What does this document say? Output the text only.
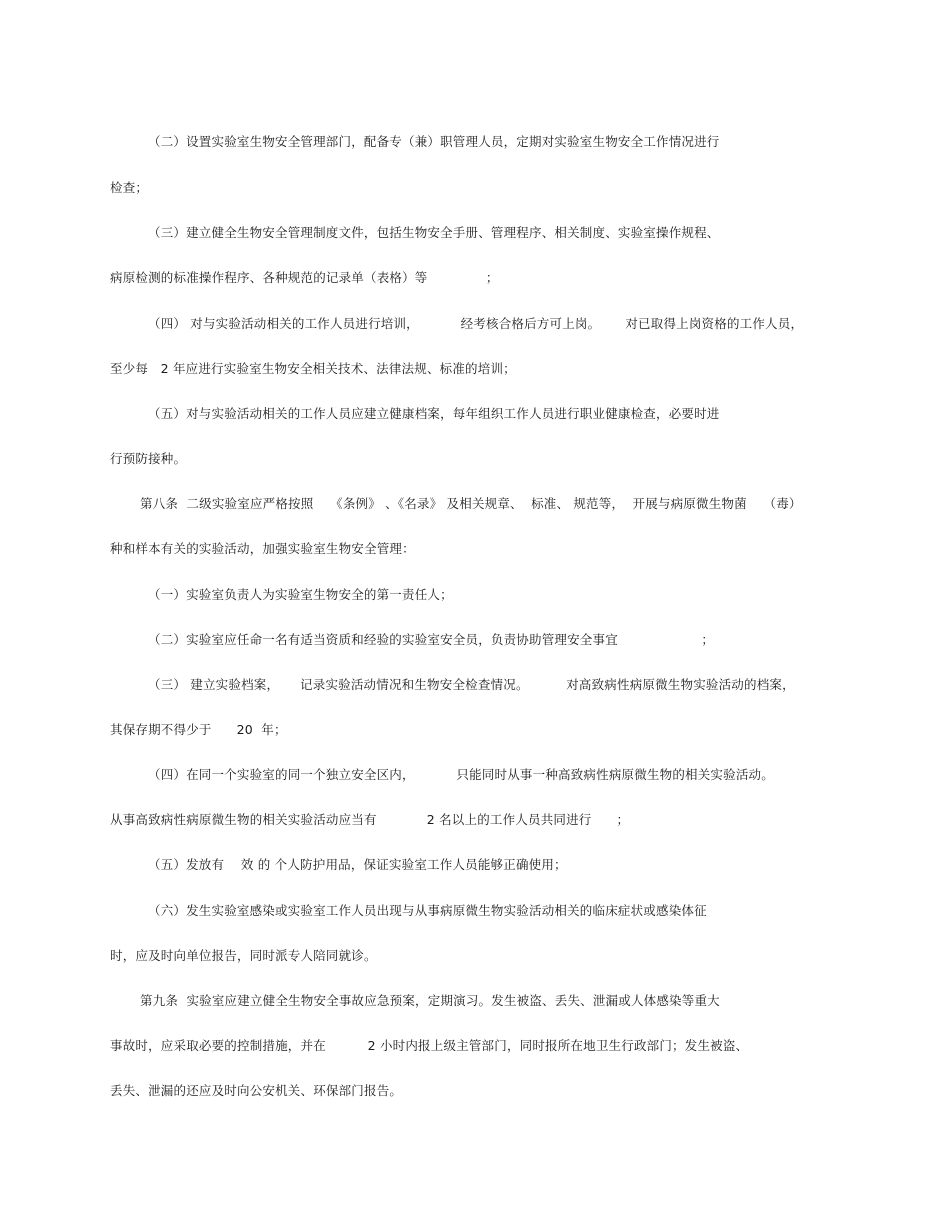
（二）设置实验室生物安全管理部门，配备专（兼）职管理人员，定期对实验室生物安全工作情况进行
检查；
（三）建立健全生物安全管理制度文件，包括生物安全手册、管理程序、相关制度、实验室操作规程、
病原检测的标准操作程序、各种规范的记录单（表格）等              ；
（四） 对与实验活动相关的工作人员进行培训，          经考核合格后方可上岗。      对已取得上岗资格的工作人员，
至少每   2 年应进行实验室生物安全相关技术、法律法规、标准的培训；
（五）对与实验活动相关的工作人员应建立健康档案，每年组织工作人员进行职业健康检查，必要时进
行预防接种。
第八条  二级实验室应严格按照    《条例》 、《名录》 及相关规章、  标准、 规范等，  开展与病原微生物菌    （毒）
种和样本有关的实验活动，加强实验室生物安全管理：
（一）实验室负责人为实验室生物安全的第一责任人；
（二）实验室应任命一名有适当资质和经验的实验室安全员，负责协助管理安全事宜                    ；
（三） 建立实验档案，     记录实验活动情况和生物安全检查情况。         对高致病性病原微生物实验活动的档案，
其保存期不得少于      20  年；
（四）在同一个实验室的同一个独立安全区内，          只能同时从事一种高致病性病原微生物的相关实验活动。
从事高致病性病原微生物的相关实验活动应当有            2 名以上的工作人员共同进行      ；
（五）发放有    效 的 个人防护用品，保证实验室工作人员能够正确使用；
（六）发生实验室感染或实验室工作人员出现与从事病原微生物实验活动相关的临床症状或感染体征
时，应及时向单位报告，同时派专人陪同就诊。
第九条  实验室应建立健全生物安全事故应急预案，定期演习。发生被盗、丢失、泄漏或人体感染等重大
事故时，应采取必要的控制措施，并在          2 小时内报上级主管部门，同时报所在地卫生行政部门；发生被盗、
丢失、泄漏的还应及时向公安机关、环保部门报告。
